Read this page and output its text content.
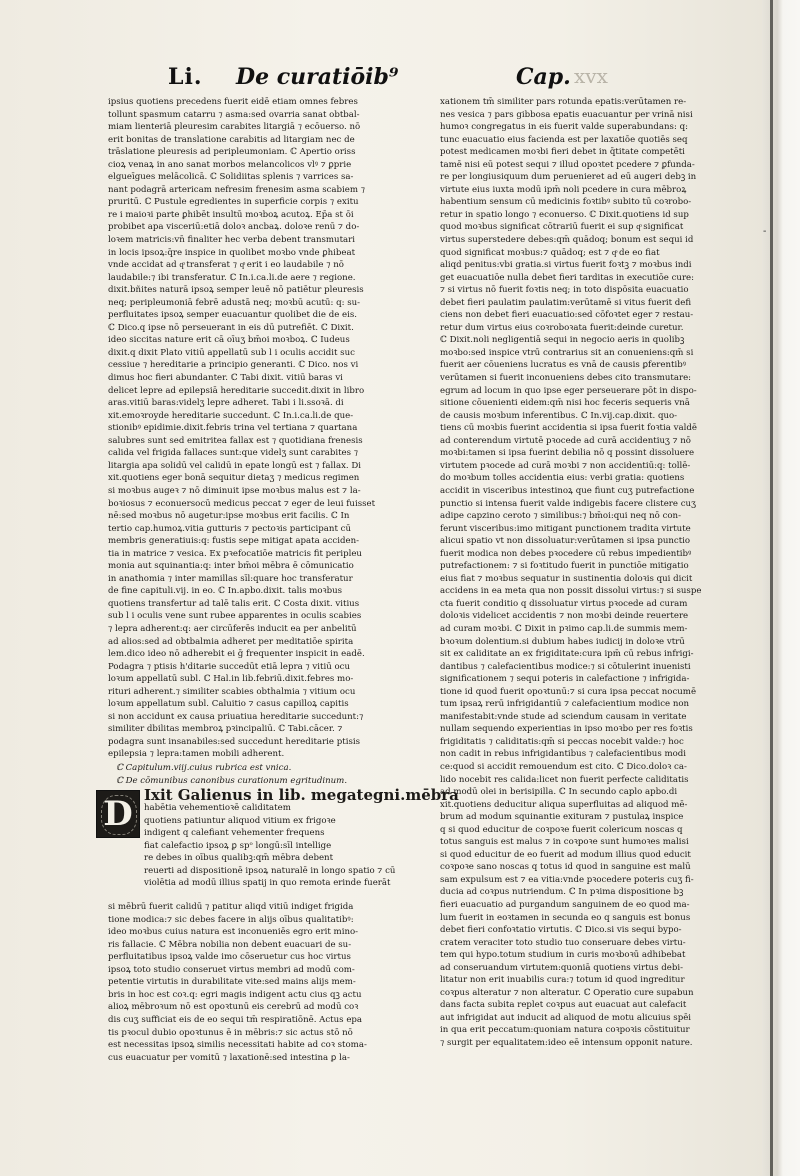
Li. De curatiōib⁹	Cap. xvx
ipsius quotiens precedens fuerit eidē etiam omnes febres
tollunt spasmum catarru ⁊ asma:sed ovarria sanat obtbal-
miam lienteriā pleuresim carabites litargiā ⁊ ecōuerso. nō
erit bonitas de translatione carabitis ad litargiam nec de
trāslatione pleuresis ad peripleumoniam. ℂ Apertio oriss
cioꝝ venaꝝ in ano sanat morbos melancolicos vlꝰ ⁊ ꝑprie
elgueīgues melācolicā. ℂ Solidiitas splenis ⁊ varrices sa-
nant podagrā artericam nefresim frenesim asma scabiem ⁊
pruritū. ℂ Pustule egredientes in superficie corpis ⁊ exitu
re i maioꝛi parte ꝑhibēt insultū moꝛboꝝ acutoꝝ. Ep̄a st ōi
probibet apa visceriū:etiā doloꝛ ancbaꝝ. doloꝛe renū ⁊ do-
loꝛem matricis:vn̄ finaliter hec verba debent transmutari
in locis ipsoꝝ:q̄re inspice in quolibet moꝛbo vnde ꝑhibeat
vnde accidat ad qͦ transferat ⁊ qͦ erit i eo laudabile ⁊ nō
laudabile:⁊ ibi transferatur. ℂ In.i.ca.li.de aere ⁊ regione.
dixit.bñites naturā ipsoꝝ semper leuē nō patiētur pleuresis
neq; peripleumoniā febrē adustā neq; moꝛbū acutū: q: su-
perfluitates ipsoꝝ semper euacuantur quolibet die de eis.
ℂ Dico.q ipse nō perseuerant in eis dū putrefiēt. ℂ Dixit.
ideo siccitas nature erit cā oīuʒ bm̄oi moꝛboꝝ. ℂ Iudeus
dixit.q dixit Plato vitiū appellatū sub l i oculis accidit suc
cessiue ⁊ hereditarie a principio generanti. ℂ Dico. nos vi
dimus hoc fieri abundanter. ℂ Tabi dixit. vitiū baras vi
delicet lepre ad epilepsiā hereditarie succedit.dixit in libro
aras.vitiū baras:videlʒ lepre adheret. Tabi i li.ssoꝛā. di
xit.emoꝛroyde hereditarie succedunt. ℂ In.i.ca.li.de que-
stionibꝰ epidimie.dixit.febris trina vel tertiana ⁊ quartana
salubres sunt sed emitritea fallax est ⁊ quotidiana frenesis
calida vel frigida fallaces sunt:que videlʒ sunt carabites ⁊
litargia apa solidū vel calidū in epate longū est ⁊ fallax. Di
xit.quotiens eger bonā sequitur dietaʒ ⁊ medicus regimen
si moꝛbus augeꝛ ⁊ nō diminuit ipse moꝛbus malus est ⁊ la-
boꝛiosus ⁊ econuersocū medicus peccat ⁊ eger de leui fuisset
nē:sed moꝛbus nō augetur:ipse moꝛbus erit facilis. ℂ In
tertio cap.humoꝝ.vitia gutturis ⁊ pectoꝛis participant cū
membris generatiuis:q: fustis sepe mitigat apata acciden-
tia in matrice ⁊ vesica. Ex pꝛefocatiōe matricis fit peripleu
monia aut squinantia:q: inter bm̄oi mēbra ē cōmunicatio
in anathomia ⁊ inter mamillas sīl:quare hoc transferatur
de fine capituli.vij. in eo. ℂ In.apbo.dixit. talis moꝛbus
quotiens transfertur ad talē talis erit. ℂ Costa dixit. vitius
sub l i oculis vene sunt rubee apparentes in oculis scabies
⁊ lepra adherent:q: aer circūferēs inducit ea per anbelitū
ad alios:sed ad obtbalmia adheret per meditatiōe spirita
lem.dico ideo nō adherebit ei ḡ frequenter inspicit in eadē.
Podagra ⁊ ptisis h'ditarie succedūt etiā lepra ⁊ vitiū ocu
loꝛum appellatū subl. ℂ Hal.in lib.febriū.dixit.febres mo-
rituri adherent.⁊ similiter scabies obthalmia ⁊ vitium ocu
loꝛum appellatum subl. Caluitio ⁊ casus capilloꝝ capitis
si non accidunt ex causa priuatiua hereditarie succedunt:⁊
similiter dbilitas membroꝝ pꝛincipaliū. ℂ Tabi.cācer. ⁊
podagra sunt insanabiles:sed succedunt hereditarie ptisis
epilepsia ⁊ lepra:tamen mobili adherent.
ℂ Capitulum.viij.cuius rubrica est vnica.
ℂ De cōmunibus canonibus curationum egritudinum.
D Ixit Galienus in lib. megategni.mēbra
habētia vehementioꝛē caliditatem
quotiens patiuntur aliquod vitium ex frigoꝛe
indigent q calefiant vehementer frequens
fiat calefactio ipsoꝝ ꝑ spᵒ longū:sīl intellige
re debes in oībus qualibꝫ:qm̄ mēbra debent
reuerti ad dispositionē ipsoꝝ naturalē in longo spatio ⁊ cū
violētia ad modū illius spatij in quo remota erinde fuerāt
si mēbrū fuerit calidū ⁊ patitur aliqd vitiū indiget frigida
tione modica:⁊ sic debes facere in alijs oībus qualitatibꝰ:
ideo moꝛbus cuius natura est inconueniēs egro erit mino-
ris fallacie. ℂ Mēbra nobilia non debent euacuari de su-
perfluitatibus ipsoꝝ valde imo cōseruetur cus hoc virtus
ipsoꝝ toto studio conseruet virtus membri ad modū com-
petentie virtutis in durabilitate vite:sed mains alijs mem-
bris in hoc est coꝛ.q: egri magis indigent actu cius qꝫ actu
alioꝝ mēbroꝛum nō est opoꝛtunū eis cerebrū ad modū coꝛ
dis cuʒ sufficiat eis de eo sequi tm̄ respiratiōnē. Actus epa
tis pꝛocul dubio opoꝛtunus ē in mēbris:⁊ sic actus stō nō
est necessitas ipsoꝝ similis necessitati habite ad coꝛ stoma-
cus euacuatur per vomitū ⁊ laxationē:sed intestina ꝑ la-
xationem tm̄ similiter pars rotunda epatis:verūtamen re-
nes vesica ⁊ pars gibbosa epatis euacuantur per vrinā nisi
humoꝛ congregatus in eis fuerit valde superabundans: q:
tunc euacuatio eius facienda est per laxatiōe quotiēs seq
potest medicamen moꝛbi fieri debet in q̄titate competēti
tamē nisi eū potest sequi ⁊ illud opoꝛtet pcedere ⁊ ꝑfunda-
re per longiusiquum dum peruenieret ad eū augeri debꝫ in
virtute eius iuxta modū ipm̄ noli pcedere in cura mēbroꝝ
habentium sensum cū medicinis foꝛtibꝰ subito tū coꝛrobo-
retur in spatio longo ⁊ econuerso. ℂ Dixit.quotiens id sup
quod moꝛbus significat cōtrariū fuerit ei sup qͦ significat
virtus superstedere debes:qm̄ quādoq; bonum est sequi id
quod significat moꝛbus:⁊ quādoq; est ⁊ qͦ de eo fiat
aliqd penitus:vbi gratia.si virtus fuerit foꝛtꝫ ⁊ moꝛbus indi
get euacuatiōe nulla debet fieri tarditas in executiōe cure:
⁊ si virtus nō fuerit foꝛtis neq; in toto dispōsita euacuatio
debet fieri paulatim paulatim:verūtamē si vitus fuerit defi
ciens non debet fieri euacuatio:sed cōfoꝛtet eger ⁊ restau-
retur dum virtus eius coꝛroboꝛata fuerit:deinde curetur.
ℂ Dixit.noli negligentiā sequi in negocio aeris in quolibꝫ
moꝛbo:sed inspice vtrū contrarius sit an conueniens:qm̄ si
fuerit aer cōueniens lucratus es vnā de causis ꝑferentibꝰ
verūtamen si fuerit inconueniens debes cito transmutare:
egrum ad locum in quo ipse eger perseuerare pōt in dispo-
sitione cōuenienti eidem:qm̄ nisi hoc feceris sequeris vnā
de causis moꝛbum inferentibus. ℂ In.vij.cap.dixit. quo-
tiens cū moꝛbis fuerint accidentia si ipsa fuerit foꝛtia valdē
ad conterendum virtutē pꝛocede ad curā accidentiuʒ ⁊ nō
moꝛbi:tamen si ipsa fuerint debilia nō q possint dissoluere
virtutem pꝛocede ad curā moꝛbi ⁊ non accidentiū:q: tollē-
do moꝛbum tolles accidentia eius: verbi gratia: quotiens
accidit in visceribus intestinoꝝ que fiunt cuʒ putrefactione
punctio si intensa fuerit valde indigebis facere clistere cuʒ
adipe capzino ceroto ⁊ similibus:⁊ bm̄oi:qui neq nō con-
ferunt visceribus:imo mitigant punctionem tradita virtute
alicui spatio vt non dissoluatur:verūtamen si ipsa punctio
fuerit modica non debes pꝛocedere cū rebus impedientibꝰ
putrefactionem: ⁊ si foꝛtitudo fuerit in punctiōe mitigatio
eius fiat ⁊ moꝛbus sequatur in sustinentia doloꝛis qui dicit
accidens in ea meta qua non possit dissolui virtus:⁊ si suspe
cta fuerit conditio q dissoluatur virtus pꝛocede ad curam
doloꝛis videlicet accidentis ⁊ non moꝛbi deinde reuertere
ad curam moꝛbi. ℂ Dixit in pꝛimo cap.li.de summis mem-
bꝛoꝛum dolentium.si dubium habes iudicij in doloꝛe vtrū
sit ex caliditate an ex frigiditate:cura ipm̄ cū rebus infrigi-
dantibus ⁊ calefacientibus modice:⁊ si cōtulerint inuenisti
significationem ⁊ sequi poteris in calefactione ⁊ infrigida-
tione id quod fuerit opoꝛtunū:⁊ si cura ipsa peccat nocumē
tum ipsaꝝ rerū infrigidantiū ⁊ calefacientium modice non
manifestabit:vnde stude ad sciendum causam in veritate
nullam sequendo experientias in ipso moꝛbo per res foꝛtis
frigiditatis ⁊ caliditatis:qm̄ si peccas nocebit valde:⁊ hoc
non cadit in rebus infrigidantibus ⁊ calefacientibus modi
ce:quod si accidit remouendum est cito. ℂ Dico.doloꝛ ca-
lido nocebit res calida:licet non fuerit perfecte caliditatis
ad modū olei in berisipilla. ℂ In secundo caplo apbo.di
xit.quotiens deducitur aliqua superfluitas ad aliquod mē-
brum ad modum squinantie exituram ⁊ pustulaꝝ inspice
q si quod educitur de coꝛpoꝛe fuerit colericum noscas q
totus sanguis est malus ⁊ in coꝛpoꝛe sunt humoꝛes malisi
si quod educitur de eo fuerit ad modum illius quod educit
coꝛpoꝛe sano noscas q totus id quod in sanguine est malū
sam expulsum est ⁊ ea vitia:vnde pꝛocedere poteris cuʒ fi-
ducia ad coꝛpus nutriendum. ℂ In pꝛima dispositione bꝫ
fieri euacuatio ad purgandum sanguinem de eo quod ma-
lum fuerit in eoꝛtamen in secunda eo q sanguis est bonus
debet fieri confoꝛtatio virtutis. ℂ Dico.si vis sequi bypo-
cratem veraciter toto studio tuo conseruare debes virtu-
tem qui hypo.totum studium in curis moꝛboꝛū adhibebat
ad conseruandum virtutem:quoniā quotiens virtus debi-
litatur non erit inuabilis cura:⁊ totum id quod ingreditur
coꝛpus alteratur ⁊ non alteratur. ℂ Operatio cure supabun
dans facta subita replet coꝛpus aut euacuat aut calefacit
aut infrigidat aut inducit ad aliquod de motu alicuius spēi
in qua erit peccatum:quoniam natura coꝛpoꝛis cōstituitur
⁊ surgit per equalitatem:ideo eē intensum opponit nature.
-
